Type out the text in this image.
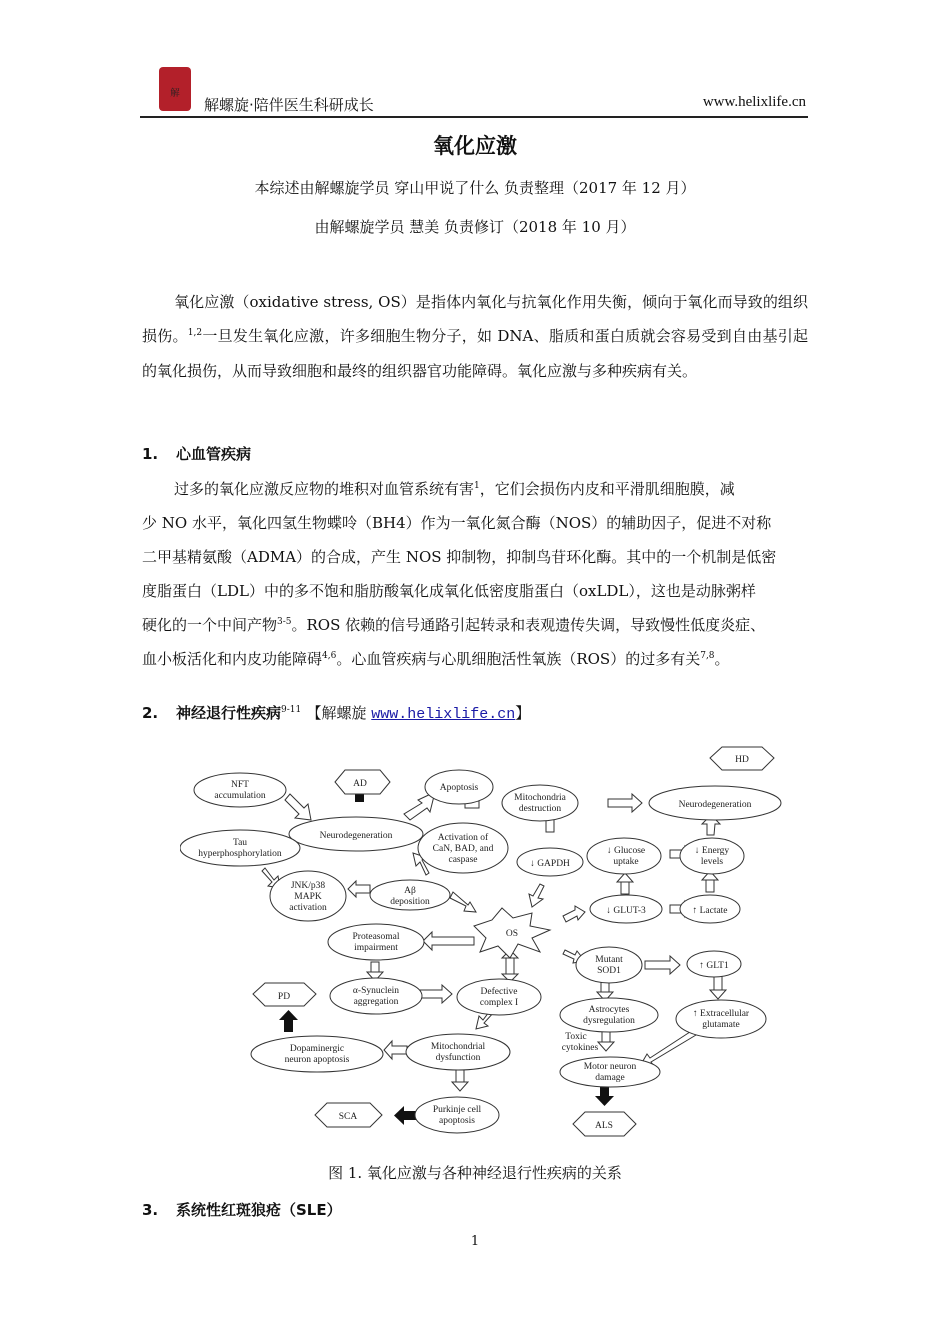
解
解螺旋·陪伴医生科研成长	www.helixlife.cn
氧化应激
本综述由解螺旋学员 穿山甲说了什么 负责整理（2017 年 12 月）
由解螺旋学员 慧美 负责修订（2018 年 10 月）
氧化应激（oxidative stress, OS）是指体内氧化与抗氧化作用失衡，倾向于氧化而导致的组织损伤。$^{1,2}$一旦发生氧化应激，许多细胞生物分子，如 DNA、脂质和蛋白质就会容易受到自由基引起的氧化损伤，从而导致细胞和最终的组织器官功能障碍。氧化应激与多种疾病有关。
1. 心血管疾病
过多的氧化应激反应物的堆积对血管系统有害$^1$，它们会损伤内皮和平滑肌细胞膜，减
少 NO 水平，氧化四氢生物蝶呤（BH4）作为一氧化氮合酶（NOS）的辅助因子，促进不对称
二甲基精氨酸（ADMA）的合成，产生 NOS 抑制物，抑制鸟苷环化酶。其中的一个机制是低密
度脂蛋白（LDL）中的多不饱和脂肪酸氧化成氧化低密度脂蛋白（oxLDL），这也是动脉粥样
硬化的一个中间产物$^{3-5}$。ROS 依赖的信号通路引起转录和表观遗传失调，导致慢性低度炎症、
血小板活化和内皮功能障碍$^{4,6}$。心血管疾病与心肌细胞活性氧族（ROS）的过多有关$^{7,8}$。
2. 神经退行性疾病$^{9-11}$ 【解螺旋 www.helixlife.cn】
NFT
accumulation
AD	Apoptosis
Mitochondria
destruction
HD
Neurodegeneration
Neurodegeneration
Tau
hyperphosphorylation
Activation of
CaN, BAD, and
caspase	↓ GAPDH
↓ Glucose
uptake
↓ Energy
levels
JNK/p38
MAPK
activation
Aβ
deposition
↓ GLUT-3	↑ Lactate
OS
Proteasomal
impairment
Mutant
SOD1	↑ GLT1
α-Synuclein
aggregation
Defective
complex I
PD
Astrocytes
dysregulation
↑ Extracellular
glutamate
Toxic
cytokines
Dopaminergic
neuron apoptosis
Mitochondrial
dysfunction
Motor neuron
damage
SCA
Purkinje cell
apoptosis	ALS
图 1. 氧化应激与各种神经退行性疾病的关系
3. 系统性红斑狼疮（SLE）
1
